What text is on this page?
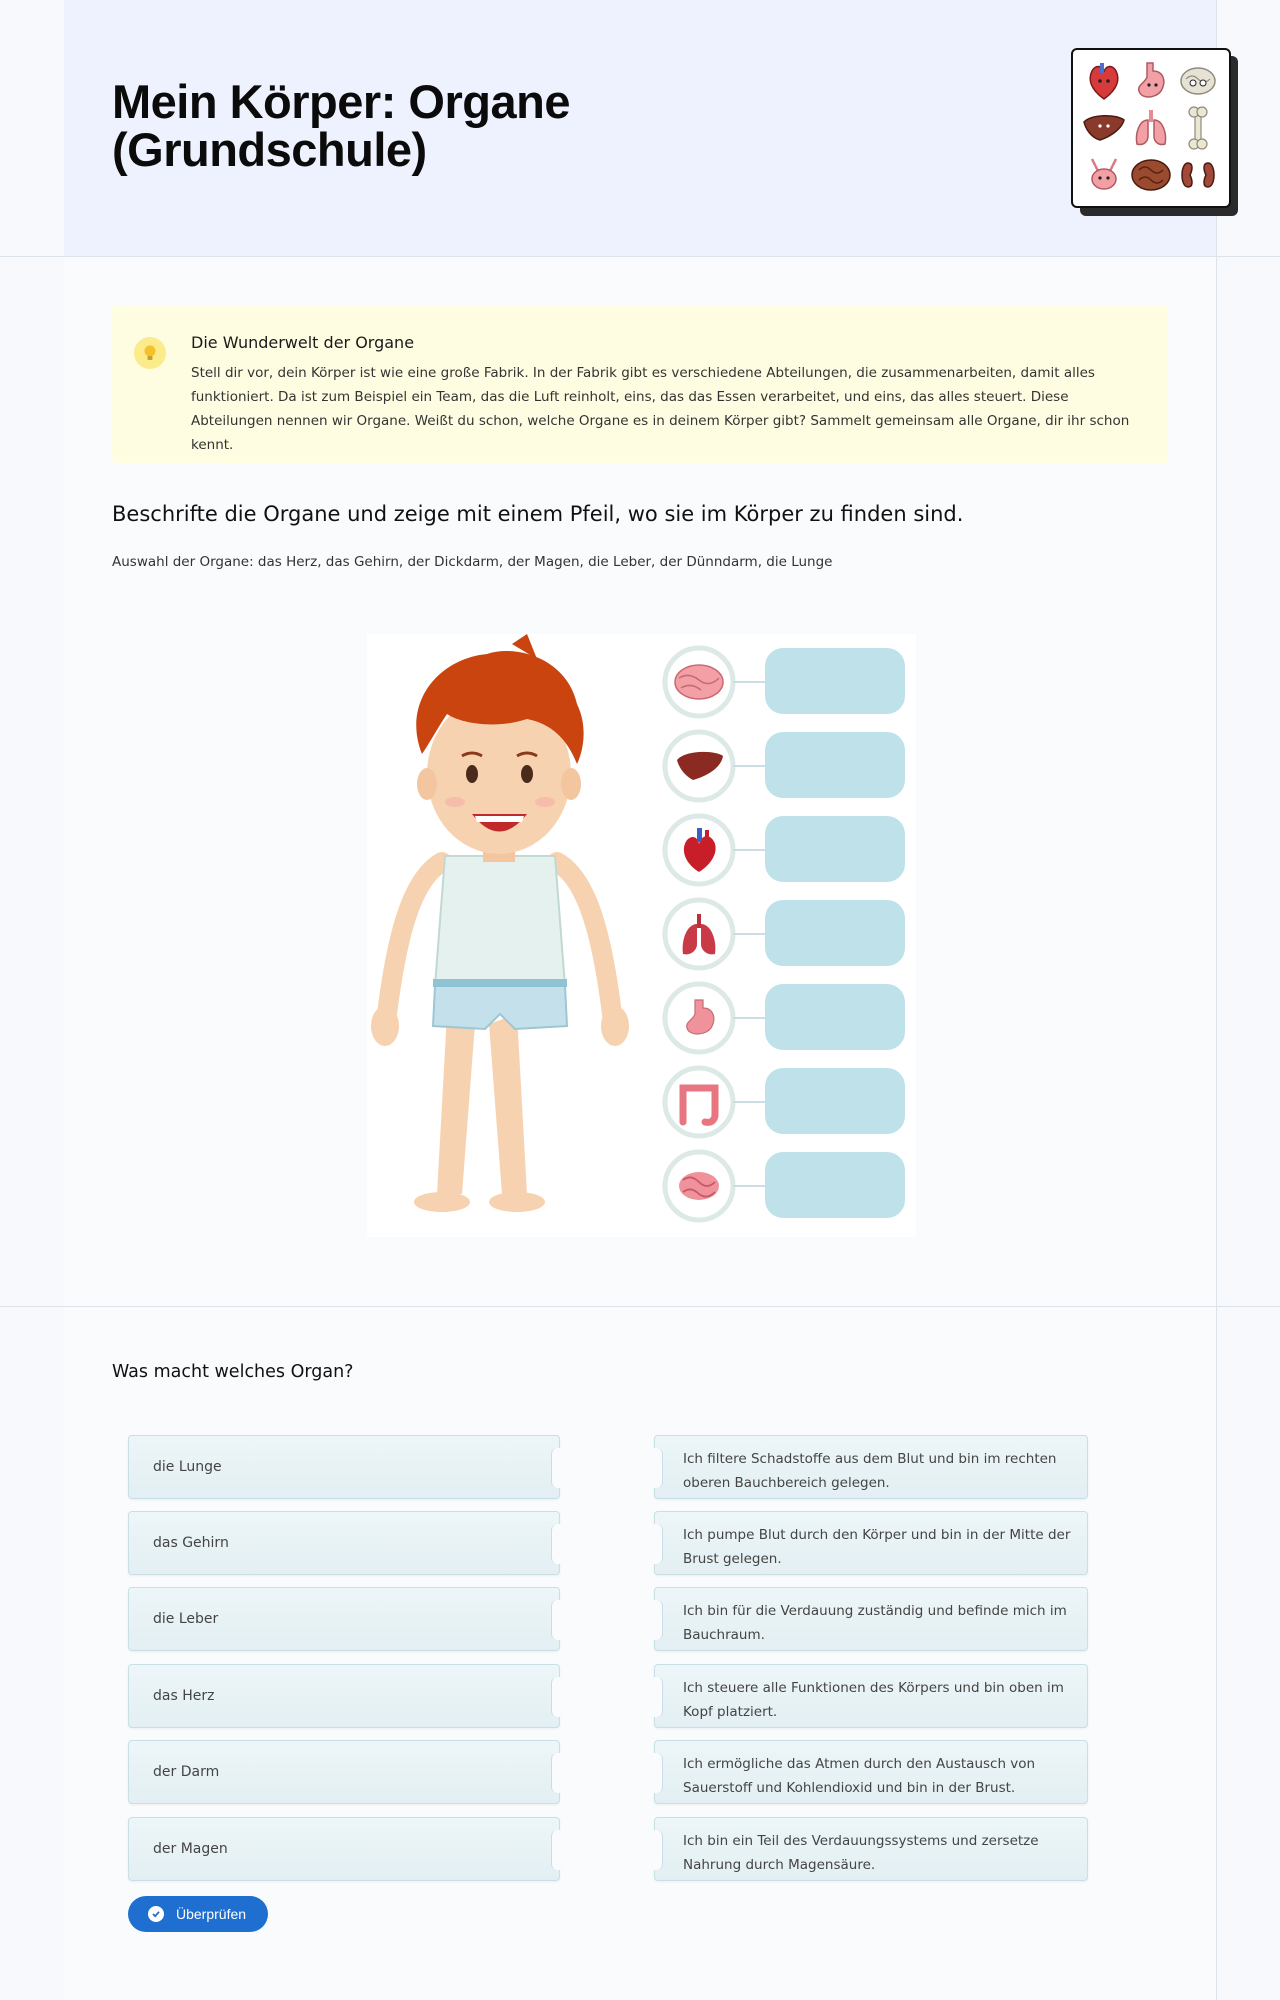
Mein Körper: Organe
(Grundschule)
Die Wunderwelt der Organe
Stell dir vor, dein Körper ist wie eine große Fabrik. In der Fabrik gibt es verschiedene Abteilungen, die zusammenarbeiten, damit alles funktioniert. Da ist zum Beispiel ein Team, das die Luft reinholt, eins, das das Essen verarbeitet, und eins, das alles steuert. Diese Abteilungen nennen wir Organe. Weißt du schon, welche Organe es in deinem Körper gibt? Sammelt gemeinsam alle Organe, dir ihr schon kennt.
Beschrifte die Organe und zeige mit einem Pfeil, wo sie im Körper zu finden sind.
Auswahl der Organe: das Herz, das Gehirn, der Dickdarm, der Magen, die Leber, der Dünndarm, die Lunge
Was macht welches Organ?
die Lunge
das Gehirn
die Leber
das Herz
der Darm
der Magen
Ich filtere Schadstoffe aus dem Blut und bin im rechten oberen Bauchbereich gelegen.
Ich pumpe Blut durch den Körper und bin in der Mitte der Brust gelegen.
Ich bin für die Verdauung zuständig und befinde mich im Bauchraum.
Ich steuere alle Funktionen des Körpers und bin oben im Kopf platziert.
Ich ermögliche das Atmen durch den Austausch von Sauerstoff und Kohlendioxid und bin in der Brust.
Ich bin ein Teil des Verdauungssystems und zersetze Nahrung durch Magensäure.
Überprüfen
